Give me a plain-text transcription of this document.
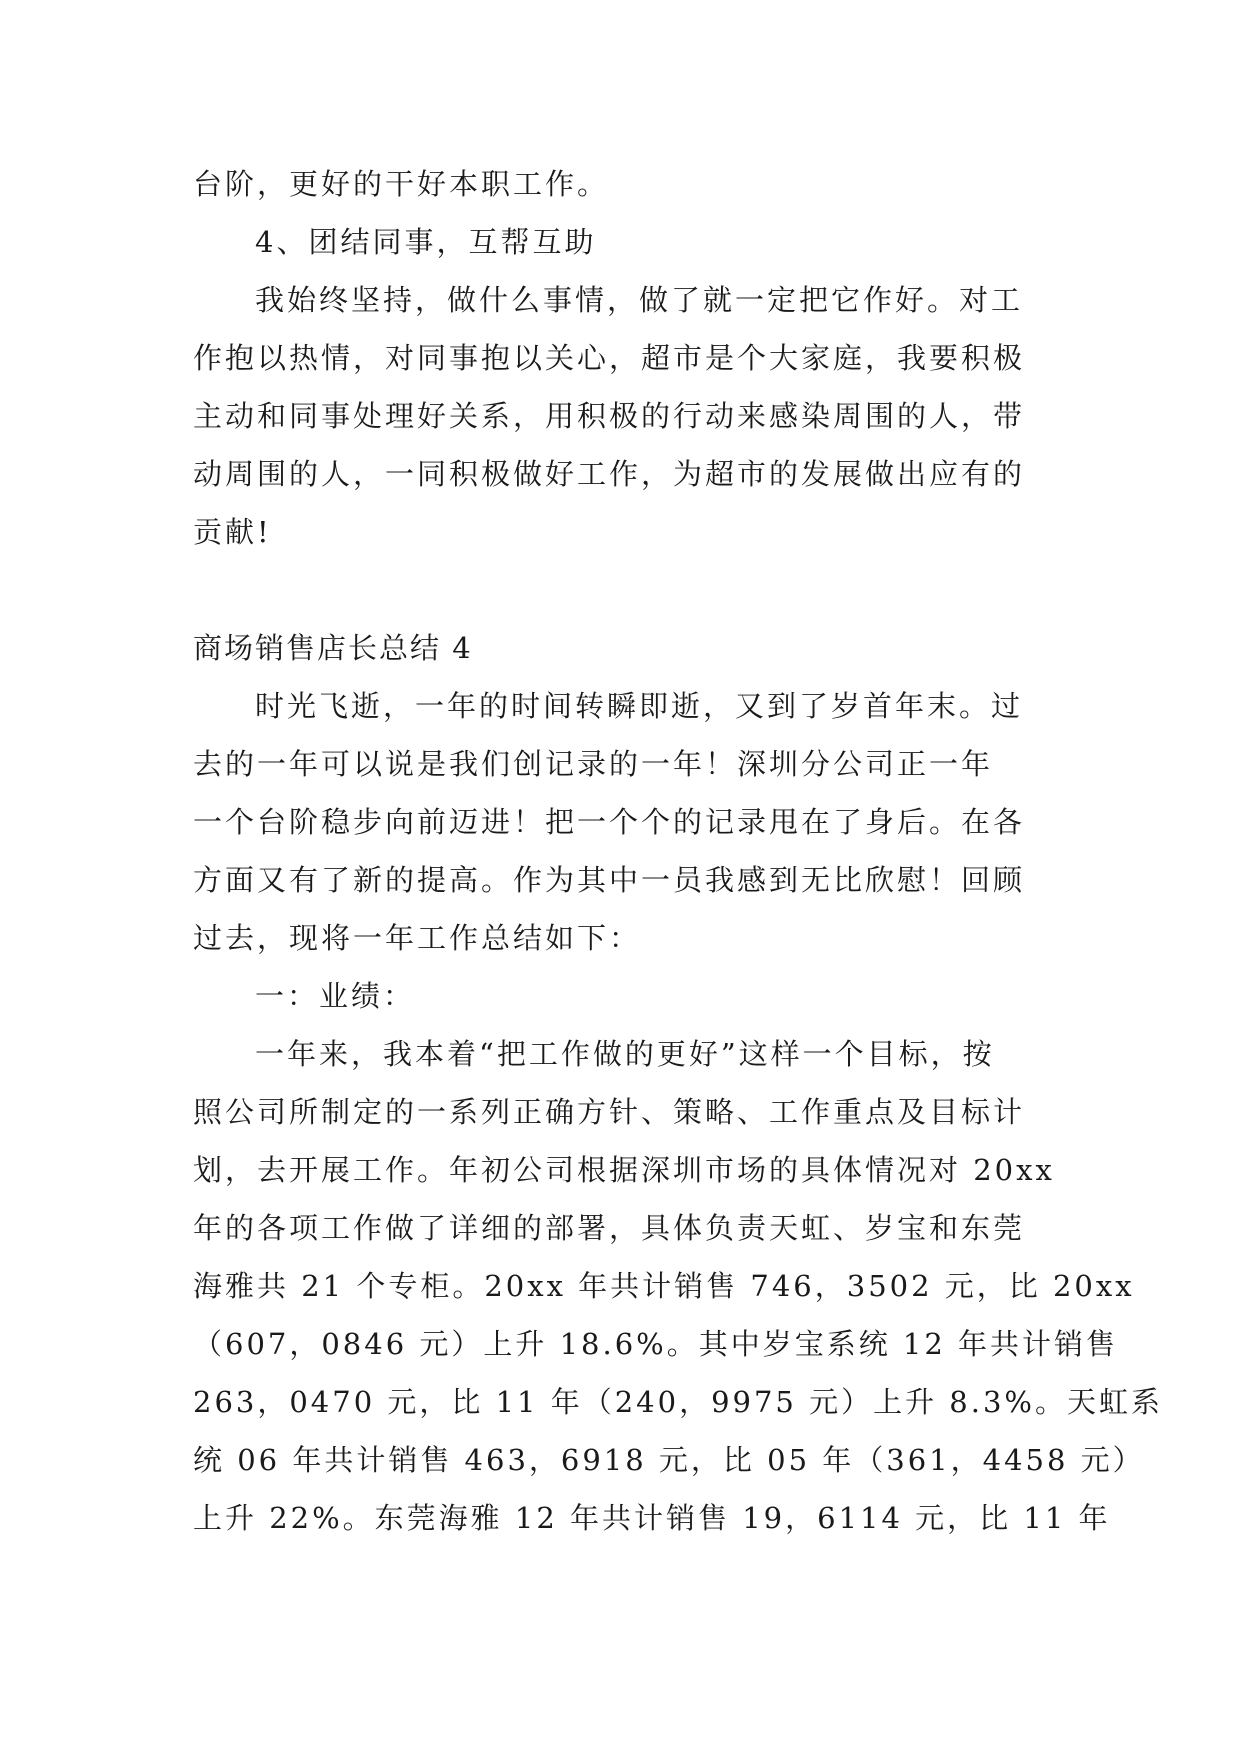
台阶，更好的干好本职工作。
4、团结同事，互帮互助
我始终坚持，做什么事情，做了就一定把它作好。对工
作抱以热情，对同事抱以关心，超市是个大家庭，我要积极
主动和同事处理好关系，用积极的行动来感染周围的人，带
动周围的人，一同积极做好工作，为超市的发展做出应有的
贡献!
商场销售店长总结 4
时光飞逝，一年的时间转瞬即逝，又到了岁首年末。过
去的一年可以说是我们创记录的一年！深圳分公司正一年
一个台阶稳步向前迈进！把一个个的记录甩在了身后。在各
方面又有了新的提高。作为其中一员我感到无比欣慰！回顾
过去，现将一年工作总结如下：
一：业绩：
一年来，我本着“把工作做的更好”这样一个目标，按
照公司所制定的一系列正确方针、策略、工作重点及目标计
划，去开展工作。年初公司根据深圳市场的具体情况对 20xx
年的各项工作做了详细的部署，具体负责天虹、岁宝和东莞
海雅共 21 个专柜。20xx 年共计销售 746，3502 元，比 20xx
（607，0846 元）上升 18.6%。其中岁宝系统 12 年共计销售
263，0470 元，比 11 年（240，9975 元）上升 8.3%。天虹系
统 06 年共计销售 463，6918 元，比 05 年（361，4458 元）
上升 22%。东莞海雅 12 年共计销售 19，6114 元，比 11 年
